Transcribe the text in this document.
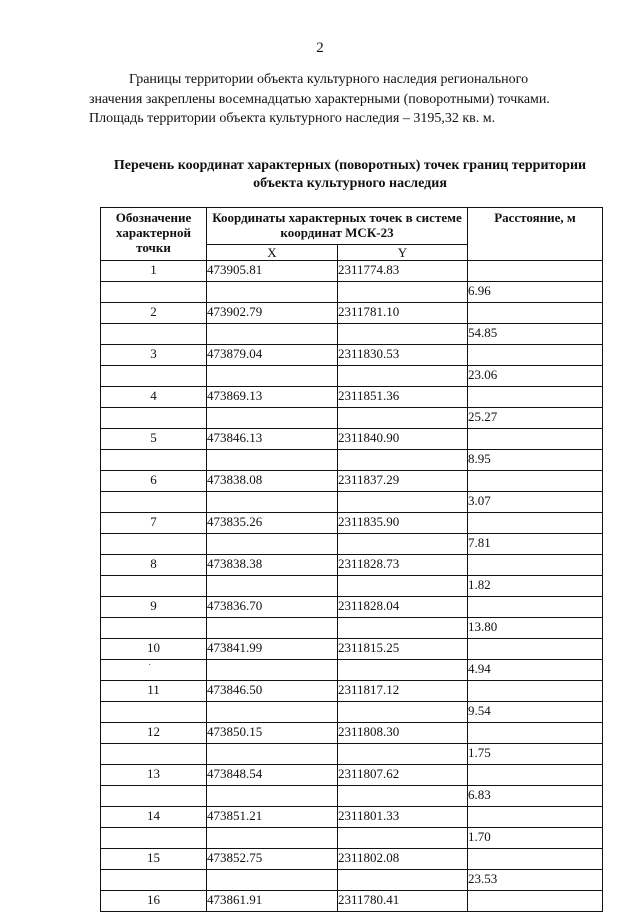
2

Границы территории объекта культурного наследия регионального
значения закреплены восемнадцатью характерными (поворотными) точками.
Площадь территории объекта культурного наследия – 3195,32 кв. м.

Перечень координат характерных (поворотных) точек границ территории
объекта культурного наследия
Обозначение характерной точки	Координаты характерных точек в системе координат МСК-23		Расстояние, м
	X	Y	
1	473905.81	2311774.83	
			6.96
2	473902.79	2311781.10	
			54.85
3	473879.04	2311830.53	
			23.06
4	473869.13	2311851.36	
			25.27
5	473846.13	2311840.90	
			8.95
6	473838.08	2311837.29	
			3.07
7	473835.26	2311835.90	
			7.81
8	473838.38	2311828.73	
			1.82
9	473836.70	2311828.04	
			13.80
10	473841.99	2311815.25	
			4.94
11	473846.50	2311817.12	
			9.54
12	473850.15	2311808.30	
			1.75
13	473848.54	2311807.62	
			6.83
14	473851.21	2311801.33	
			1.70
15	473852.75	2311802.08	
			23.53
16	473861.91	2311780.41	
·
